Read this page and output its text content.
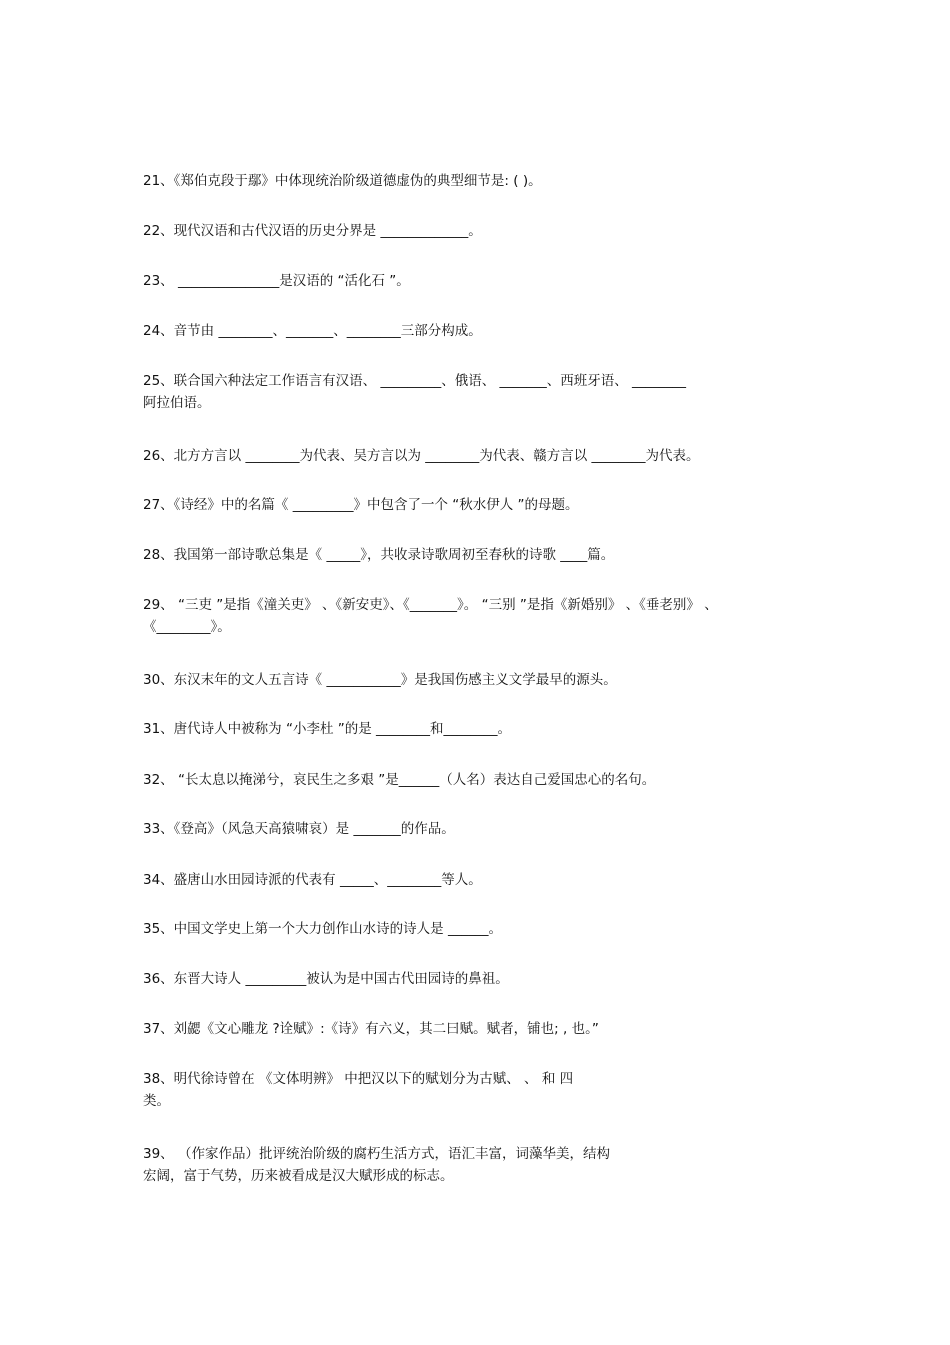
21、《郑伯克段于鄢》中体现统治阶级道德虚伪的典型细节是: ( )。
22、现代汉语和古代汉语的历史分界是 _____________。
23、 _______________是汉语的 “活化石 ”。
24、音节由 ________、_______、________三部分构成。
25、联合国六种法定工作语言有汉语、 _________、俄语、 _______、西班牙语、 ________
阿拉伯语。
26、北方方言以 ________为代表、吴方言以为 ________为代表、赣方言以 ________为代表。
27、《诗经》中的名篇《 _________》中包含了一个 “秋水伊人 ”的母题。
28、我国第一部诗歌总集是《 _____》，共收录诗歌周初至春秋的诗歌 ____篇。
29、 “三吏 ”是指《潼关吏》 、《新安吏》、《_______》。 “三别 ”是指《新婚别》 、《垂老别》 、
《________》。
30、东汉末年的文人五言诗《 ___________》是我国伤感主义文学最早的源头。
31、唐代诗人中被称为 “小李杜 ”的是 ________和________。
32、 “长太息以掩涕兮，哀民生之多艰 ”是______（人名）表达自己爱国忠心的名句。
33、《登高》（风急天高猿啸哀）是 _______的作品。
34、盛唐山水田园诗派的代表有 _____、________等人。
35、中国文学史上第一个大力创作山水诗的诗人是 ______。
36、东晋大诗人 _________被认为是中国古代田园诗的鼻祖。
37、刘勰《文心雕龙 ?诠赋》:《诗》有六义，其二曰赋。赋者，铺也; , 也。”
38、明代徐诗曾在 《文体明辨》 中把汉以下的赋划分为古赋、 、 和 四
类。
39、 （作家作品）批评统治阶级的腐朽生活方式，语汇丰富，词藻华美，结构
宏阔，富于气势，历来被看成是汉大赋形成的标志。
